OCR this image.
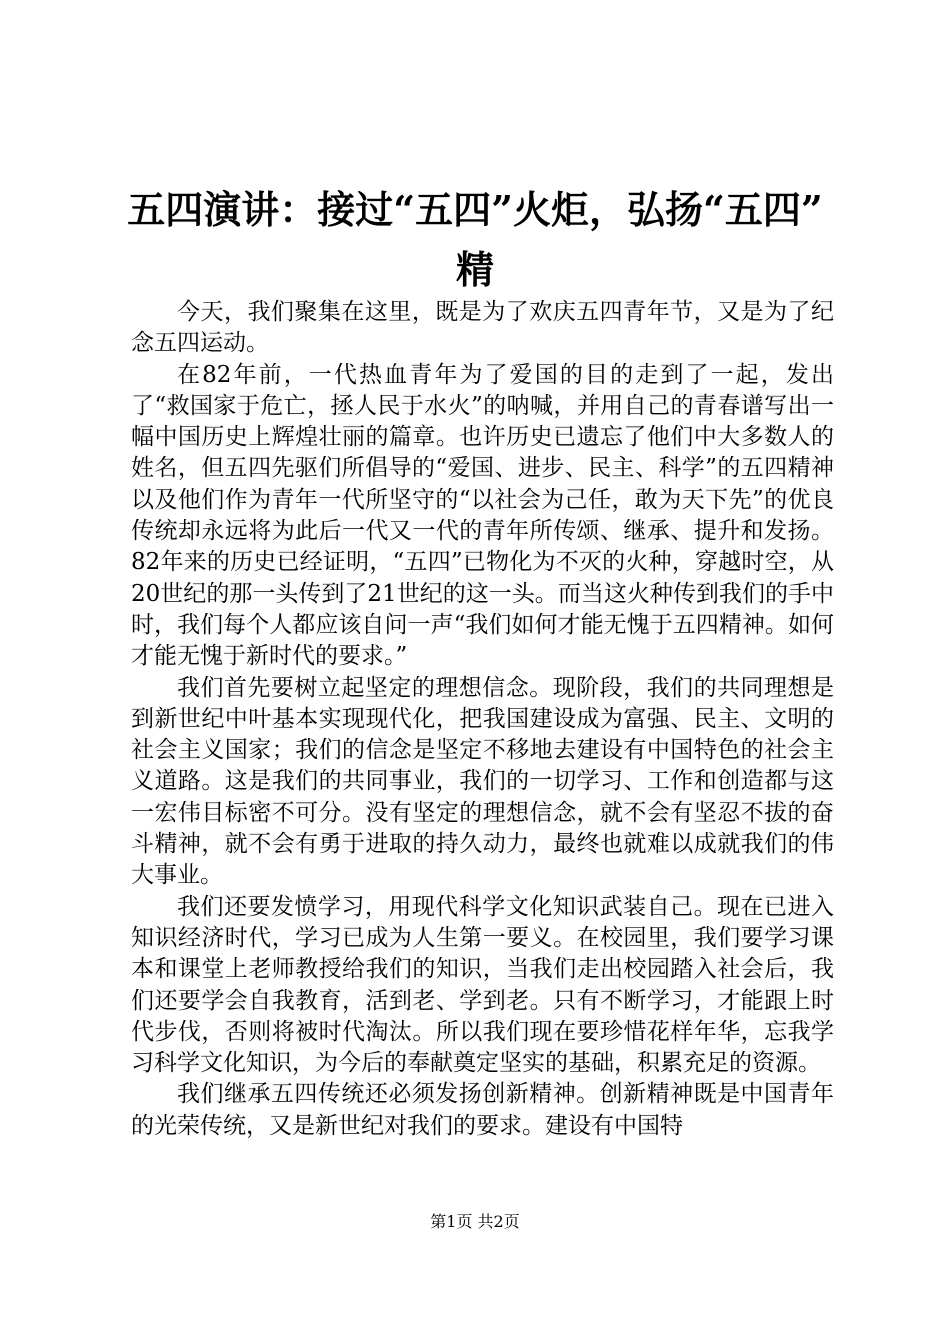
五四演讲：接过“五四”火炬，弘扬“五四”
精

今天，我们聚集在这里，既是为了欢庆五四青年节，又是为了纪念五四运动。

在82年前，一代热血青年为了爱国的目的走到了一起，发出了“救国家于危亡，拯人民于水火”的呐喊，并用自己的青春谱写出一幅中国历史上辉煌壮丽的篇章。也许历史已遗忘了他们中大多数人的姓名，但五四先驱们所倡导的“爱国、进步、民主、科学”的五四精神以及他们作为青年一代所坚守的“以社会为己任，敢为天下先”的优良传统却永远将为此后一代又一代的青年所传颂、继承、提升和发扬。82年来的历史已经证明，“五四”已物化为不灭的火种，穿越时空，从20世纪的那一头传到了21世纪的这一头。而当这火种传到我们的手中时，我们每个人都应该自问一声“我们如何才能无愧于五四精神。如何才能无愧于新时代的要求。”

我们首先要树立起坚定的理想信念。现阶段，我们的共同理想是到新世纪中叶基本实现现代化，把我国建设成为富强、民主、文明的社会主义国家；我们的信念是坚定不移地去建设有中国特色的社会主义道路。这是我们的共同事业，我们的一切学习、工作和创造都与这一宏伟目标密不可分。没有坚定的理想信念，就不会有坚忍不拔的奋斗精神，就不会有勇于进取的持久动力，最终也就难以成就我们的伟大事业。

我们还要发愤学习，用现代科学文化知识武装自己。现在已进入知识经济时代，学习已成为人生第一要义。在校园里，我们要学习课本和课堂上老师教授给我们的知识，当我们走出校园踏入社会后，我们还要学会自我教育，活到老、学到老。只有不断学习，才能跟上时代步伐，否则将被时代淘汰。所以我们现在要珍惜花样年华，忘我学习科学文化知识，为今后的奉献奠定坚实的基础，积累充足的资源。

我们继承五四传统还必须发扬创新精神。创新精神既是中国青年的光荣传统，又是新世纪对我们的要求。建设有中国特

第1页 共2页
